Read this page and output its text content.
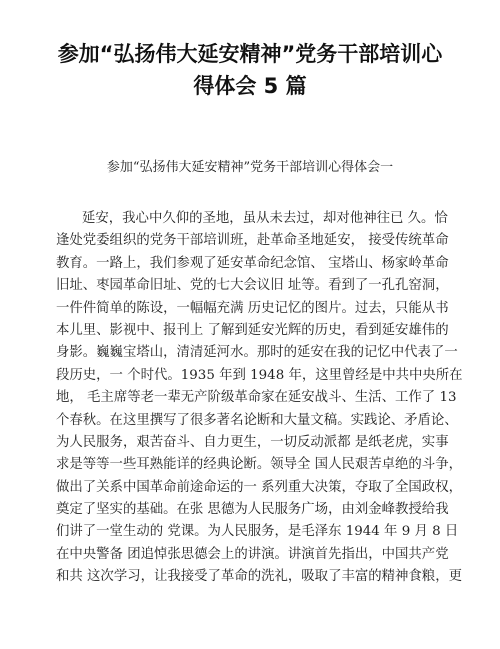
参加“弘扬伟大延安精神”党务干部培训心
得体会 5 篇
参加“弘扬伟大延安精神”党务干部培训心得体会一
延安，我心中久仰的圣地，虽从未去过，却对他神往已 久。恰
逢处党委组织的党务干部培训班，赴革命圣地延安， 接受传统革命
教育。一路上，我们参观了延安革命纪念馆、 宝塔山、杨家岭革命
旧址、枣园革命旧址、党的七大会议旧 址等。看到了一孔孔窑洞，
一件件简单的陈设，一幅幅充满 历史记忆的图片。过去，只能从书
本儿里、影视中、报刊上 了解到延安光辉的历史，看到延安雄伟的
身影。巍巍宝塔山，清清延河水。那时的延安在我的记忆中代表了一
段历史，一 个时代。1935 年到 1948 年，这里曾经是中共中央所在
地， 毛主席等老一辈无产阶级革命家在延安战斗、生活、工作了 13
个春秋。在这里撰写了很多著名论断和大量文稿。实践论、矛盾论、
为人民服务，艰苦奋斗、自力更生，一切反动派都 是纸老虎，实事
求是等等一些耳熟能详的经典论断。领导全 国人民艰苦卓绝的斗争，
做出了关系中国革命前途命运的一 系列重大决策，夺取了全国政权，
奠定了坚实的基础。在张 思德为人民服务广场，由刘金峰教授给我
们讲了一堂生动的 党课。为人民服务，是毛泽东 1944 年 9 月 8 日
在中央警备 团追悼张思德会上的讲演。讲演首先指出，中国共产党
和共 这次学习，让我接受了革命的洗礼，吸取了丰富的精神食粮，更
